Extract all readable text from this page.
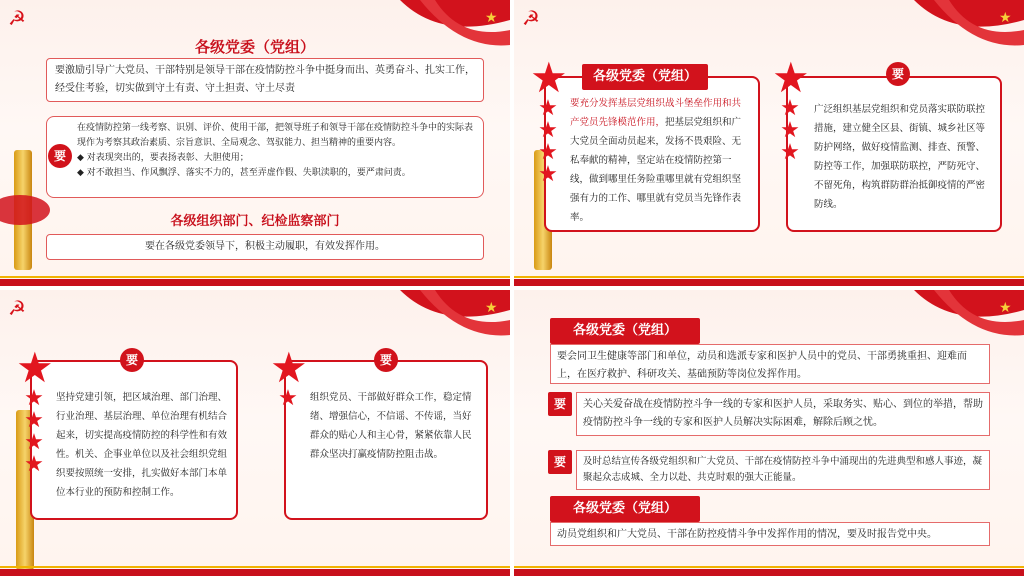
☭	★
各级党委（党组）
要激励引导广大党员、干部特别是领导干部在疫情防控斗争中挺身而出、英勇奋斗、扎实工作，经受住考验，切实做到守土有责、守土担责、守土尽责
在疫情防控第一线考察、识别、评价、使用干部，把领导班子和领导干部在疫情防控斗争中的实际表现作为考察其政治素质、宗旨意识、全局观念、驾驭能力、担当精神的重要内容。
◆ 对表现突出的，要表扬表彰、大胆使用；
◆ 对不敢担当、作风飘浮、落实不力的，甚至弄虚作假、失职渎职的，要严肃问责。
要
各级组织部门、纪检监察部门
要在各级党委领导下，积极主动履职，有效发挥作用。
☭	★
要充分发挥基层党组织战斗堡垒作用和共产党员先锋模范作用，把基层党组织和广大党员全面动员起来，发扬不畏艰险、无私奉献的精神，坚定站在疫情防控第一线，做到哪里任务险重哪里就有党组织坚强有力的工作、哪里就有党员当先锋作表率。
各级党委（党组）
★
★
★
★
★
广泛组织基层党组织和党员落实联防联控措施，建立健全区县、街镇、城乡社区等防护网络，做好疫情监测、排查、预警、防控等工作，加强联防联控，严防死守、不留死角，构筑群防群治抵御疫情的严密防线。
要
★
★
★
★
☭	★
坚持党建引领，把区域治理、部门治理、行业治理、基层治理、单位治理有机结合起来，切实提高疫情防控的科学性和有效性。机关、企事业单位以及社会组织党组织要按照统一安排，扎实做好本部门本单位本行业的预防和控制工作。
要
★
★
★
★
★
组织党员、干部做好群众工作，稳定情绪、增强信心，不信谣、不传谣，当好群众的贴心人和主心骨，紧紧依靠人民群众坚决打赢疫情防控阻击战。
要
★
★
★
各级党委（党组）
要会同卫生健康等部门和单位，动员和选派专家和医护人员中的党员、干部勇挑重担、迎难而上，在医疗救护、科研攻关、基础预防等岗位发挥作用。
要	关心关爱奋战在疫情防控斗争一线的专家和医护人员，采取务实、贴心、到位的举措，帮助疫情防控斗争一线的专家和医护人员解决实际困难，解除后顾之忧。
要	及时总结宣传各级党组织和广大党员、干部在疫情防控斗争中涌现出的先进典型和感人事迹，凝聚起众志成城、全力以赴、共克时艰的强大正能量。
各级党委（党组）
动员党组织和广大党员、干部在防控疫情斗争中发挥作用的情况，要及时报告党中央。
